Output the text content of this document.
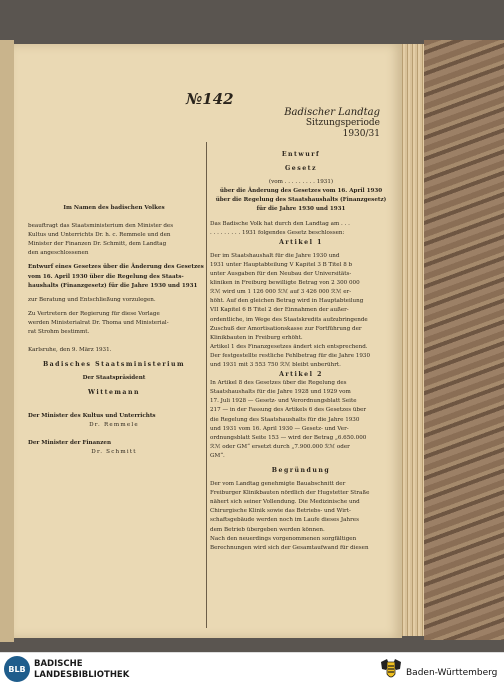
№142
Badischer Landtag
Sitzungsperiode
1930/31

Im Namen des badischen Volkes

beauftragt das Staatsministerium den Minister des

Kultus und Unterrichts Dr. h. c. Remmele und den

Minister der Finanzen Dr. Schmitt, dem Landtag

den angeschlossenen

Entwurf eines Gesetzes über die Änderung des Gesetzes

vom 16. April 1930 über die Regelung des Staats-

haushalts (Finanzgesetz) für die Jahre 1930 und 1931

zur Beratung und Entschließung vorzulegen.

Zu Vertretern der Regierung für diese Vorlage

werden Ministerialrat Dr. Thoma und Ministerial-

rat Strohm bestimmt.

Karlsruhe, den 9. März 1931.

Badisches Staatsministerium

Der Staatspräsident

Wittemann

Der Minister des Kultus und Unterrichts

Dr. Remmele

Der Minister der Finanzen

Dr. Schmitt

Entwurf

Gesetz

(vom . . . . . . . . . 1931)

über die Änderung des Gesetzes vom 16. April 1930

über die Regelung des Staatshaushalts (Finanzgesetz)

für die Jahre 1930 und 1931

Das Badische Volk hat durch den Landtag am . . .

. . . . . . . . . 1931 folgendes Gesetz beschlossen:

Artikel 1

Der im Staatshaushalt für die Jahre 1930 und

1931 unter Hauptabteilung V Kapitel 3 B Titel 8 b

unter Ausgaben für den Neubau der Universitäts-

kliniken in Freiburg bewilligte Betrag von 2 300 000

ℛℳ wird um 1 126 000 ℛℳ auf 3 426 000 ℛℳ er-

höht. Auf den gleichen Betrag wird in Hauptabteilung

VII Kapitel 6 B Titel 2 der Einnahmen der außer-

ordentliche, im Wege des Staatskredits aufzubringende

Zuschuß der Amortisationskasse zur Fortführung der

Klinikbauten in Freiburg erhöht.

Artikel 1 des Finanzgesetzes ändert sich entsprechend.

Der festgestellte restliche Fehlbetrag für die Jahre 1930

und 1931 mit 3 553 750 ℛℳ bleibt unberührt.

Artikel 2

In Artikel 8 des Gesetzes über die Regelung des

Staatshaushalts für die Jahre 1928 und 1929 vom

17. Juli 1928 — Gesetz- und Verordnungsblatt Seite

217 — in der Fassung des Artikels 6 des Gesetzes über

die Regelung des Staatshaushalts für die Jahre 1930

und 1931 vom 16. April 1930 — Gesetz- und Ver-

ordnungsblatt Seite 153 — wird der Betrag „6.650.000

ℛℳ oder GM“ ersetzt durch „7.900.000 ℛℳ oder

GM“.

Begründung

Der vom Landtag genehmigte Bauabschnitt der

Freiburger Klinikbauten nördlich der Hugstetter Straße

nähert sich seiner Vollendung. Die Medizinische und

Chirurgische Klinik sowie das Betriebs- und Wirt-

schaftsgebäude werden noch im Laufe dieses Jahres

dem Betrieb übergeben werden können.

Nach den neuerdings vorgenommenen sorgfältigen

Berechnungen wird sich der Gesamtaufwand für diesen

BLB BADISCHE
LANDESBIBLIOTHEK	Baden-Württemberg
